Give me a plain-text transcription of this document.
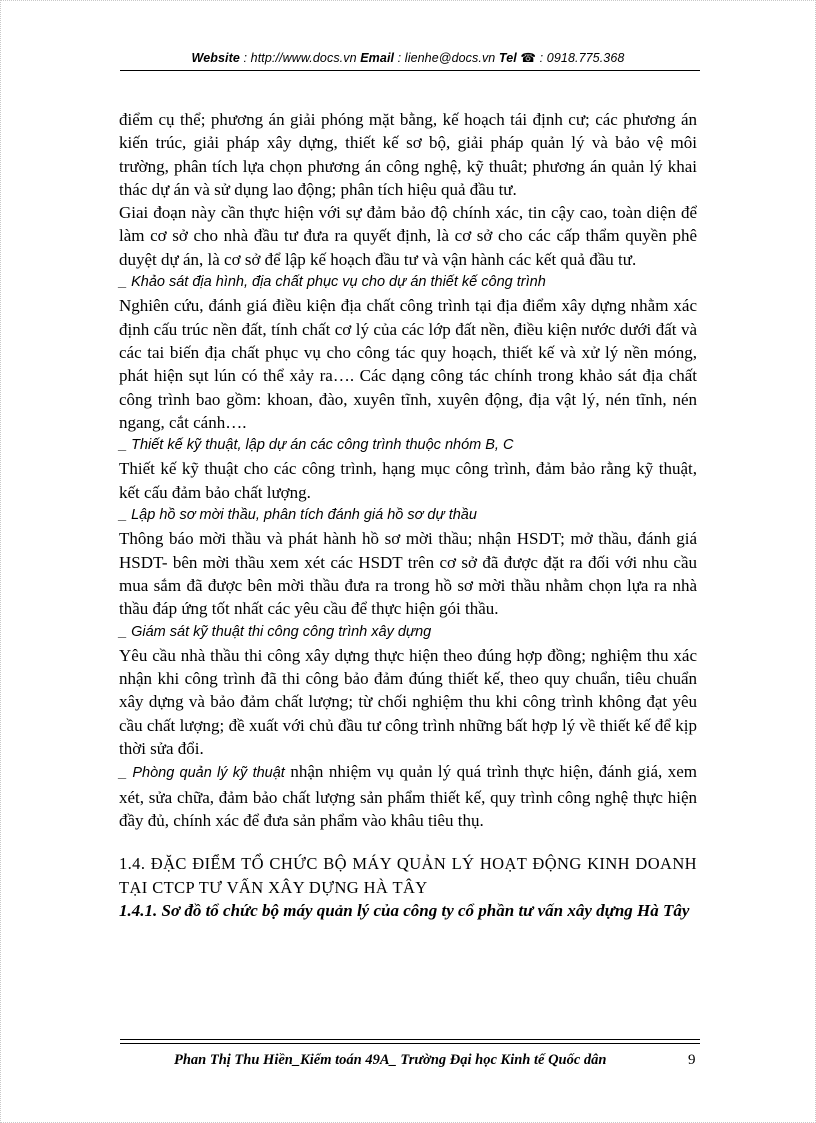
Website : http://www.docs.vn Email : lienhe@docs.vn Tel ☎ : 0918.775.368

điểm cụ thể; phương án giải phóng mặt bằng, kế hoạch tái định cư; các phương án kiến trúc, giải pháp xây dựng, thiết kế sơ bộ, giải pháp quản lý và bảo vệ môi trường, phân tích lựa chọn phương án công nghệ, kỹ thuât; phương án quản lý khai thác dự án và sử dụng lao động; phân tích hiệu quả đầu tư.

Giai đoạn này cần thực hiện với sự đảm bảo độ chính xác, tin cậy cao, toàn diện để làm cơ sở cho nhà đầu tư đưa ra quyết định, là cơ sở cho các cấp thẩm quyền phê duyệt dự án, là cơ sở để lập kế hoạch đầu tư và vận hành các kết quả đầu tư.

_ Khảo sát địa hình, địa chất phục vụ cho dự án thiết kế công trình

Nghiên cứu, đánh giá điều kiện địa chất công trình tại địa điểm xây dựng nhằm xác định cấu trúc nền đất, tính chất cơ lý của các lớp đất nền, điều kiện nước dưới đất và các tai biến địa chất phục vụ cho công tác quy hoạch, thiết kế và xử lý nền móng, phát hiện sụt lún có thể xảy ra…. Các dạng công tác chính trong khảo sát địa chất công trình bao gồm: khoan, đào, xuyên tĩnh, xuyên động, địa vật lý, nén tĩnh, nén ngang, cắt cánh….

_ Thiết kế kỹ thuật, lập dự án các công trình thuộc nhóm B, C

Thiết kế kỹ thuật cho các công trình, hạng mục công trình, đảm bảo rằng kỹ thuật, kết cấu đảm bảo chất lượng.

_ Lập hồ sơ mời thầu, phân tích đánh giá hồ sơ dự thầu

Thông báo mời thầu và phát hành hồ sơ mời thầu; nhận HSDT; mở thầu, đánh giá HSDT- bên mời thầu xem xét các HSDT trên cơ sở đã được đặt ra đối với nhu cầu mua sắm đã được bên mời thầu đưa ra trong hồ sơ mời thầu nhằm chọn lựa ra nhà thầu đáp ứng tốt nhất các yêu cầu để thực hiện gói thầu.

_ Giám sát kỹ thuật thi công công trình xây dựng

Yêu cầu nhà thầu thi công xây dựng thực hiện theo đúng hợp đồng; nghiệm thu xác nhận khi công trình đã thi công bảo đảm đúng thiết kế, theo quy chuẩn, tiêu chuẩn xây dựng và bảo đảm chất lượng; từ chối nghiệm thu khi công trình không đạt yêu cầu chất lượng; đề xuất với chủ đầu tư công trình những bất hợp lý về thiết kế để kịp thời sửa đổi.

_ Phòng quản lý kỹ thuật nhận nhiệm vụ quản lý quá trình thực hiện, đánh giá, xem xét, sửa chữa, đảm bảo chất lượng sản phẩm thiết kế, quy trình công nghệ thực hiện đầy đủ, chính xác để đưa sản phẩm vào khâu tiêu thụ.

1.4. ĐẶC ĐIỂM TỔ CHỨC BỘ MÁY QUẢN LÝ HOẠT ĐỘNG KINH DOANH TẠI CTCP TƯ VẤN XÂY DỰNG HÀ TÂY

1.4.1. Sơ đồ tổ chức bộ máy quản lý của công ty cổ phần tư vấn xây dựng Hà Tây

Phan Thị Thu Hiền_Kiểm toán 49A_ Trường Đại học Kinh tế Quốc dân	9
